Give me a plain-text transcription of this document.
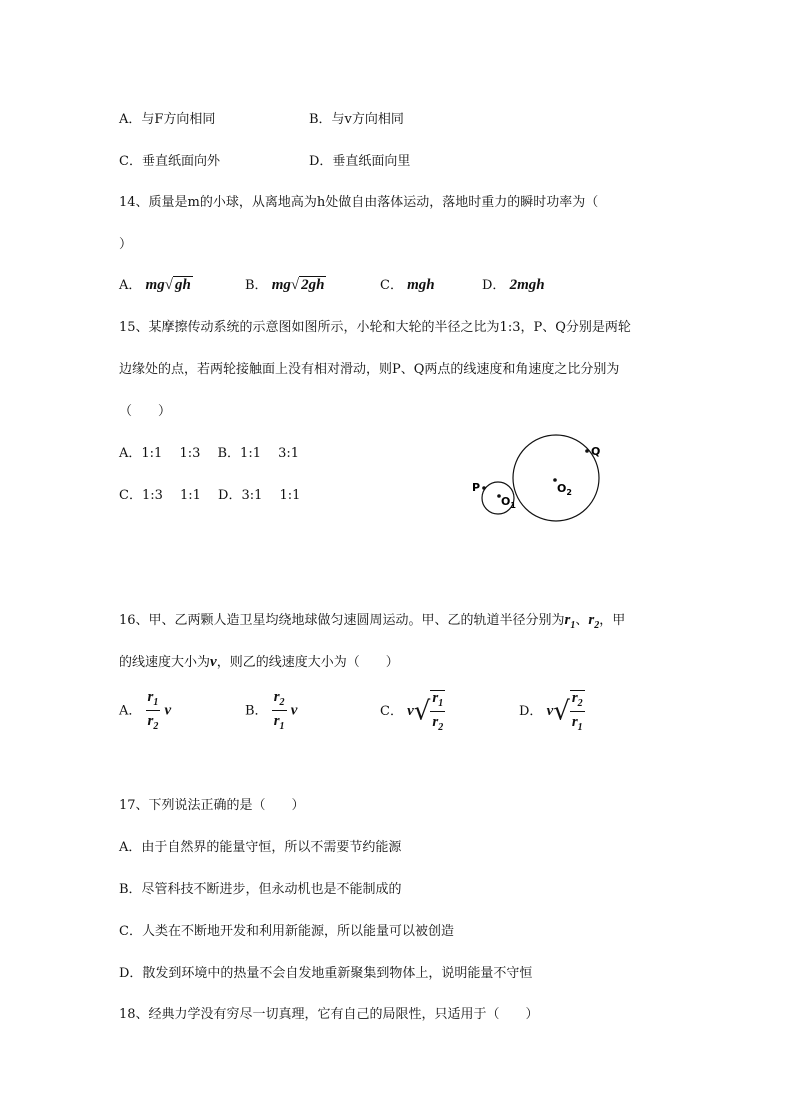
A．与F方向相同	B．与v方向相同
C．垂直纸面向外	D．垂直纸面向里
14、质量是m的小球，从离地高为h处做自由落体运动，落地时重力的瞬时功率为（
）
A． mg√ gh	B． mg√ 2gh	C． mgh	D． 2mgh
15、某摩擦传动系统的示意图如图所示，小轮和大轮的半径之比为1:3，P、Q分别是两轮
边缘处的点，若两轮接触面上没有相对滑动，则P、Q两点的线速度和角速度之比分别为
（　　）
A．1:1　 1:3　 B．1:1　 3:1
C．1:3　 1:1　 D．3:1　 1:1
P
Q
$O_2$
$O_1$
16、甲、乙两颗人造卫星均绕地球做匀速圆周运动。甲、乙的轨道半径分别为$r_1$、$r_2$，甲
的线速度大小为v，则乙的线速度大小为（　　）
A． $\frac{r_1}{r_2}$ v	B． $\frac{r_2}{r_1}$ v	C． $v√ \frac{r_1}{r_2}$	D． $v√ \frac{r_2}{r_1}$
17、下列说法正确的是（　　）
A．由于自然界的能量守恒，所以不需要节约能源
B．尽管科技不断进步，但永动机也是不能制成的
C．人类在不断地开发和利用新能源，所以能量可以被创造
D．散发到环境中的热量不会自发地重新聚集到物体上，说明能量不守恒
18、经典力学没有穷尽一切真理，它有自己的局限性，只适用于（　　）
